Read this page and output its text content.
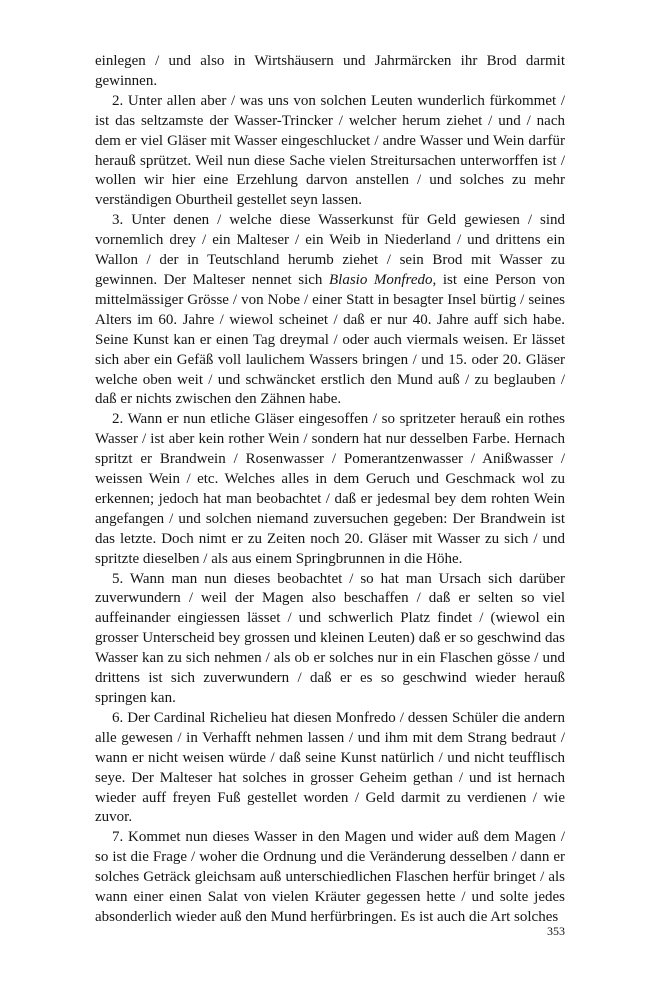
einlegen / und also in Wirtshäusern und Jahrmärcken ihr Brod darmit gewinnen.

2. Unter allen aber / was uns von solchen Leuten wunderlich fürkommet / ist das seltzamste der Wasser-Trincker / welcher herum ziehet / und / nach dem er viel Gläser mit Wasser eingeschlucket / andre Wasser und Wein darfür herauß sprützet. Weil nun diese Sache vielen Streitursachen unterworffen ist / wollen wir hier eine Erzehlung darvon anstellen / und solches zu mehr verständigen Oburtheil gestellet seyn lassen.

3. Unter denen / welche diese Wasserkunst für Geld gewiesen / sind vornemlich drey / ein Malteser / ein Weib in Niederland / und drittens ein Wallon / der in Teutschland herumb ziehet / sein Brod mit Wasser zu gewinnen. Der Malteser nennet sich Blasio Monfredo, ist eine Person von mittelmässiger Grösse / von Nobe / einer Statt in besagter Insel bürtig / seines Alters im 60. Jahre / wiewol scheinet / daß er nur 40. Jahre auff sich habe. Seine Kunst kan er einen Tag dreymal / oder auch viermals weisen. Er lässet sich aber ein Gefäß voll laulichem Wassers bringen / und 15. oder 20. Gläser welche oben weit / und schwäncket erstlich den Mund auß / zu beglauben / daß er nichts zwischen den Zähnen habe.

2. Wann er nun etliche Gläser eingesoffen / so spritzeter herauß ein rothes Wasser / ist aber kein rother Wein / sondern hat nur desselben Farbe. Hernach spritzt er Brandwein / Rosenwasser / Pomerantzenwasser / Anißwasser / weissen Wein / etc. Welches alles in dem Geruch und Geschmack wol zu erkennen; jedoch hat man beobachtet / daß er jedesmal bey dem rohten Wein angefangen / und solchen niemand zuversuchen gegeben: Der Brandwein ist das letzte. Doch nimt er zu Zeiten noch 20. Gläser mit Wasser zu sich / und spritzte dieselben / als aus einem Springbrunnen in die Höhe.

5. Wann man nun dieses beobachtet / so hat man Ursach sich darüber zuverwundern / weil der Magen also beschaffen / daß er selten so viel auffeinander eingiessen lässet / und schwerlich Platz findet / (wiewol ein grosser Unterscheid bey grossen und kleinen Leuten) daß er so geschwind das Wasser kan zu sich nehmen / als ob er solches nur in ein Flaschen gösse / und drittens ist sich zuverwundern / daß er es so geschwind wieder herauß springen kan.

6. Der Cardinal Richelieu hat diesen Monfredo / dessen Schüler die andern alle gewesen / in Verhafft nehmen lassen / und ihm mit dem Strang bedraut / wann er nicht weisen würde / daß seine Kunst natürlich / und nicht teufflisch seye. Der Malteser hat solches in grosser Geheim gethan / und ist hernach wieder auff freyen Fuß gestellet worden / Geld darmit zu verdienen / wie zuvor.

7. Kommet nun dieses Wasser in den Magen und wider auß dem Magen / so ist die Frage / woher die Ordnung und die Veränderung desselben / dann er solches Geträck gleichsam auß unterschiedlichen Flaschen herfür bringet / als wann einer einen Salat von vielen Kräuter gegessen hette / und solte jedes absonderlich wieder auß den Mund herfürbringen. Es ist auch die Art solches

353
